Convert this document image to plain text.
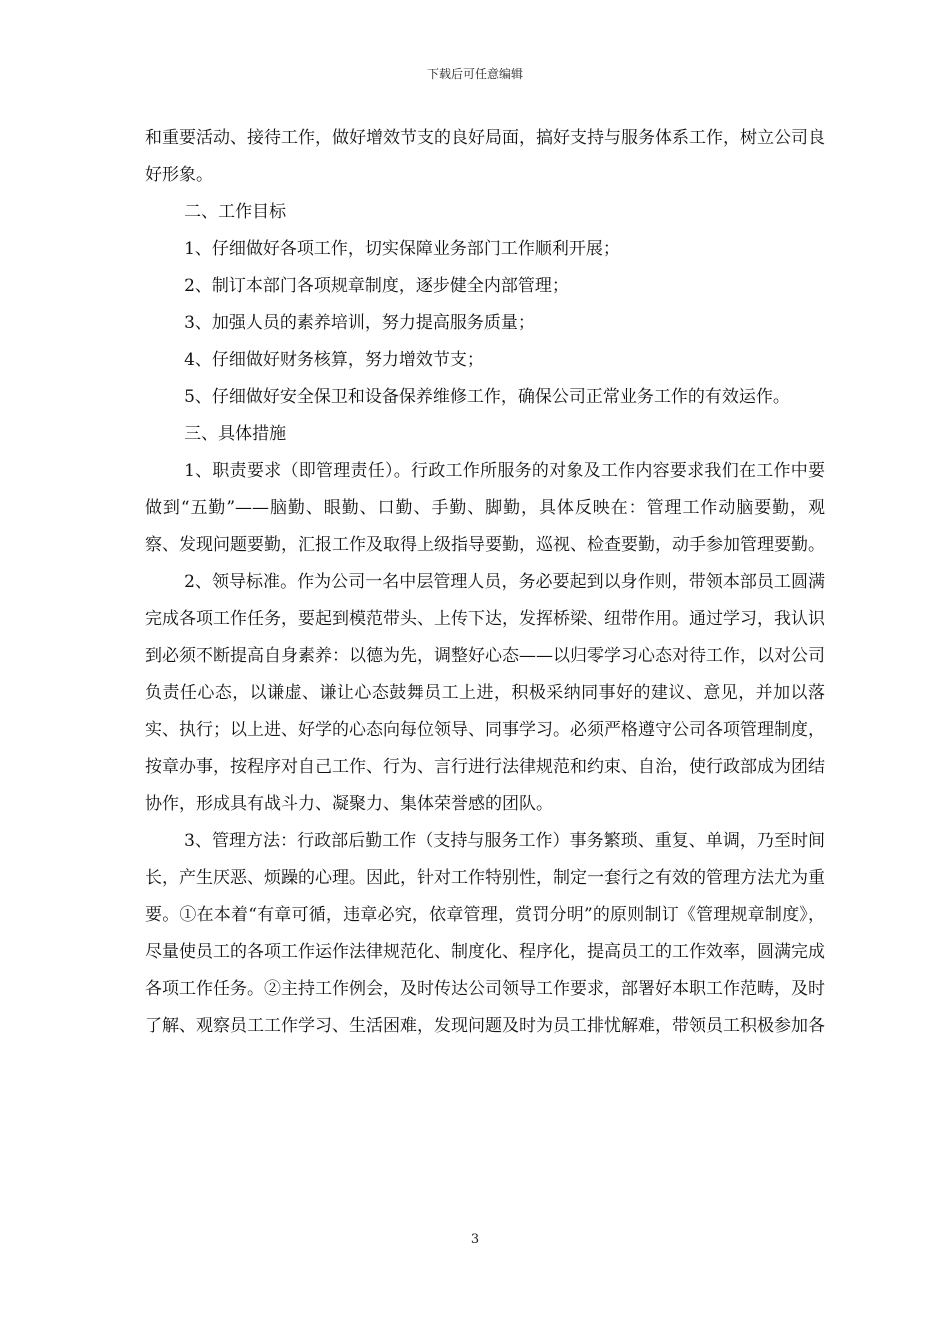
下载后可任意编辑

和重要活动、接待工作，做好增效节支的良好局面，搞好支持与服务体系工作，树立公司良好形象。

二、工作目标

1、仔细做好各项工作，切实保障业务部门工作顺利开展；

2、制订本部门各项规章制度，逐步健全内部管理；

3、加强人员的素养培训，努力提高服务质量；

4、仔细做好财务核算，努力增效节支；

5、仔细做好安全保卫和设备保养维修工作，确保公司正常业务工作的有效运作。

三、具体措施

1、职责要求（即管理责任）。行政工作所服务的对象及工作内容要求我们在工作中要做到“五勤”——脑勤、眼勤、口勤、手勤、脚勤，具体反映在：管理工作动脑要勤，观察、发现问题要勤，汇报工作及取得上级指导要勤，巡视、检查要勤，动手参加管理要勤。

2、领导标准。作为公司一名中层管理人员，务必要起到以身作则，带领本部员工圆满完成各项工作任务，要起到模范带头、上传下达，发挥桥梁、纽带作用。通过学习，我认识到必须不断提高自身素养：以德为先，调整好心态——以归零学习心态对待工作，以对公司负责任心态，以谦虚、谦让心态鼓舞员工上进，积极采纳同事好的建议、意见，并加以落实、执行；以上进、好学的心态向每位领导、同事学习。必须严格遵守公司各项管理制度，按章办事，按程序对自己工作、行为、言行进行法律规范和约束、自治，使行政部成为团结协作，形成具有战斗力、凝聚力、集体荣誉感的团队。

3、管理方法：行政部后勤工作（支持与服务工作）事务繁琐、重复、单调，乃至时间长，产生厌恶、烦躁的心理。因此，针对工作特别性，制定一套行之有效的管理方法尤为重要。①在本着“有章可循，违章必究，依章管理，赏罚分明”的原则制订《管理规章制度》，尽量使员工的各项工作运作法律规范化、制度化、程序化，提高员工的工作效率，圆满完成各项工作任务。②主持工作例会，及时传达公司领导工作要求，部署好本职工作范畴，及时了解、观察员工工作学习、生活困难，发现问题及时为员工排忧解难，带领员工积极参加各

3
